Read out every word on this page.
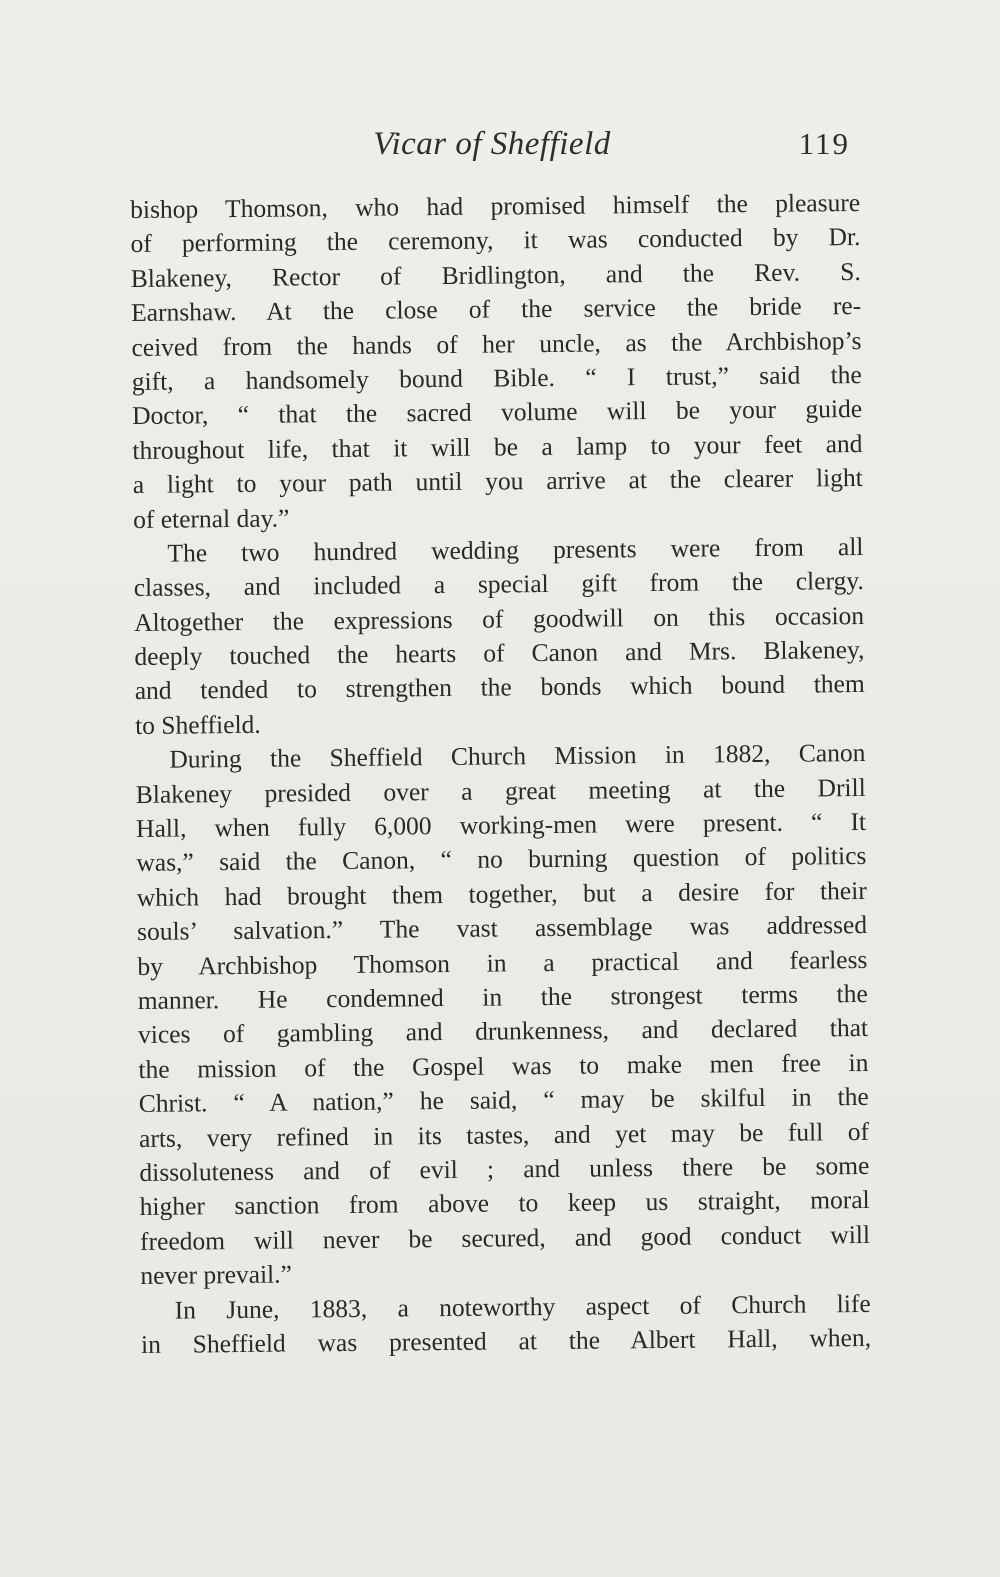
Vicar of Sheffield	119
bishop Thomson, who had promised himself the pleasure
of performing the ceremony, it was conducted by Dr.
Blakeney, Rector of Bridlington, and the Rev. S.
Earnshaw. At the close of the service the bride re-
ceived from the hands of her uncle, as the Archbishop’s
gift, a handsomely bound Bible. “ I trust,” said the
Doctor, “ that the sacred volume will be your guide
throughout life, that it will be a lamp to your feet and
a light to your path until you arrive at the clearer light
of eternal day.”
The two hundred wedding presents were from all
classes, and included a special gift from the clergy.
Altogether the expressions of goodwill on this occasion
deeply touched the hearts of Canon and Mrs. Blakeney,
and tended to strengthen the bonds which bound them
to Sheffield.
During the Sheffield Church Mission in 1882, Canon
Blakeney presided over a great meeting at the Drill
Hall, when fully 6,000 working-men were present. “ It
was,” said the Canon, “ no burning question of politics
which had brought them together, but a desire for their
souls’ salvation.” The vast assemblage was addressed
by Archbishop Thomson in a practical and fearless
manner. He condemned in the strongest terms the
vices of gambling and drunkenness, and declared that
the mission of the Gospel was to make men free in
Christ. “ A nation,” he said, “ may be skilful in the
arts, very refined in its tastes, and yet may be full of
dissoluteness and of evil ; and unless there be some
higher sanction from above to keep us straight, moral
freedom will never be secured, and good conduct will
never prevail.”
In June, 1883, a noteworthy aspect of Church life
in Sheffield was presented at the Albert Hall, when,
